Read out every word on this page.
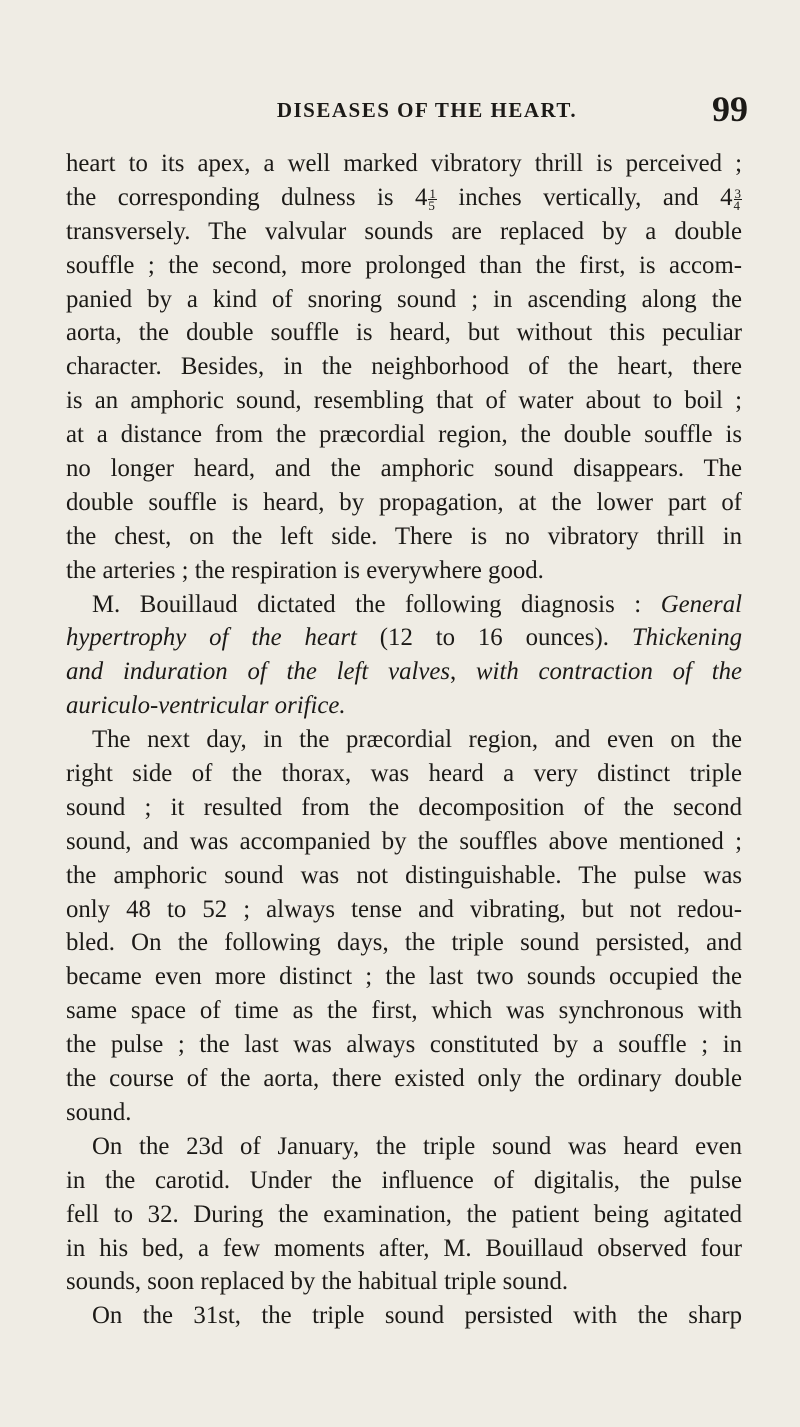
DISEASES OF THE HEART.	99
heart to its apex, a well marked vibratory thrill is perceived ;
the corresponding dulness is $4 \frac{1}{5}$ inches vertically, and $4 \frac{3}{4}$
transversely. The valvular sounds are replaced by a double
souffle ; the second, more prolonged than the first, is accom-
panied by a kind of snoring sound ; in ascending along the
aorta, the double souffle is heard, but without this peculiar
character. Besides, in the neighborhood of the heart, there
is an amphoric sound, resembling that of water about to boil ;
at a distance from the præcordial region, the double souffle is
no longer heard, and the amphoric sound disappears. The
double souffle is heard, by propagation, at the lower part of
the chest, on the left side. There is no vibratory thrill in
the arteries ; the respiration is everywhere good.
M. Bouillaud dictated the following diagnosis : General
hypertrophy of the heart (12 to 16 ounces). Thickening
and induration of the left valves, with contraction of the
auriculo-ventricular orifice.
The next day, in the præcordial region, and even on the
right side of the thorax, was heard a very distinct triple
sound ; it resulted from the decomposition of the second
sound, and was accompanied by the souffles above mentioned ;
the amphoric sound was not distinguishable. The pulse was
only 48 to 52 ; always tense and vibrating, but not redou-
bled. On the following days, the triple sound persisted, and
became even more distinct ; the last two sounds occupied the
same space of time as the first, which was synchronous with
the pulse ; the last was always constituted by a souffle ; in
the course of the aorta, there existed only the ordinary double
sound.
On the 23d of January, the triple sound was heard even
in the carotid. Under the influence of digitalis, the pulse
fell to 32. During the examination, the patient being agitated
in his bed, a few moments after, M. Bouillaud observed four
sounds, soon replaced by the habitual triple sound.
On the 31st, the triple sound persisted with the sharp
